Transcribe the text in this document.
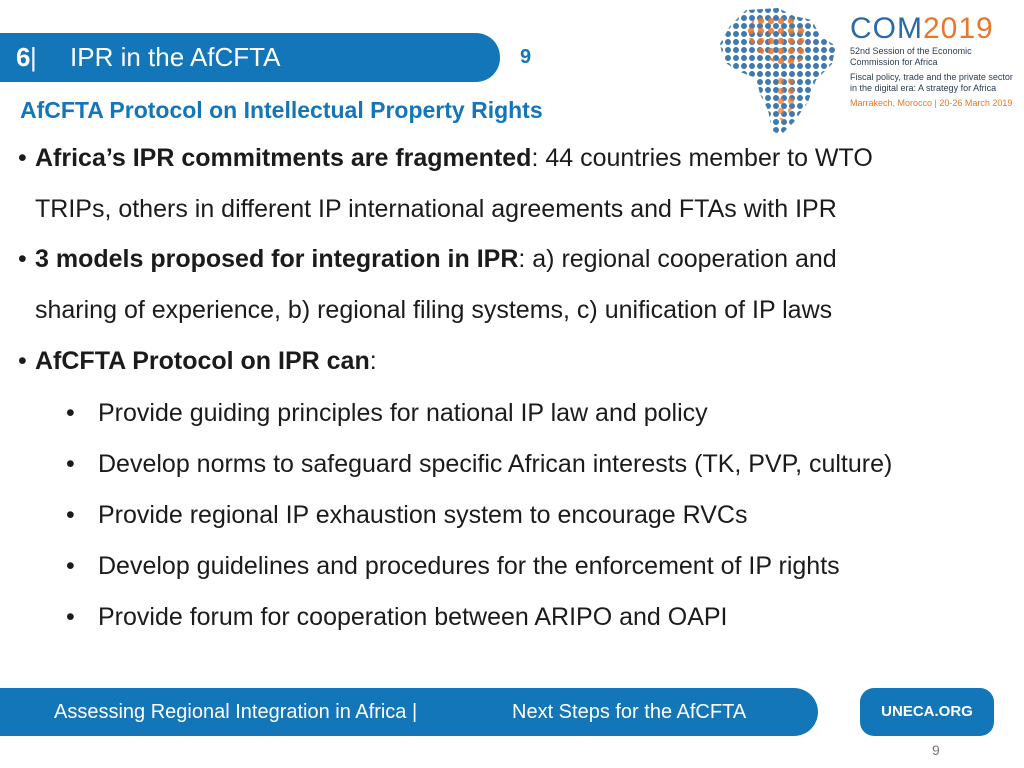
6 | IPR in the AfCFTA	9
COM2019
52nd Session of the Economic Commission for Africa
Fiscal policy, trade and the private sector in the digital era: A strategy for Africa
Marrakech, Morocco | 20-26 March 2019
AfCFTA Protocol on Intellectual Property Rights
• Africa’s IPR commitments are fragmented: 44 countries member to WTO
TRIPs, others in different IP international agreements and FTAs with IPR
• 3 models proposed for integration in IPR: a) regional cooperation and
sharing of experience, b) regional filing systems, c) unification of IP laws
• AfCFTA Protocol on IPR can:
• Provide guiding principles for national IP law and policy
• Develop norms to safeguard specific African interests (TK, PVP, culture)
• Provide regional IP exhaustion system to encourage RVCs
• Develop guidelines and procedures for the enforcement of IP rights
• Provide forum for cooperation between ARIPO and OAPI
Assessing Regional Integration in Africa |	Next Steps for the AfCFTA	UNECA.ORG
9
